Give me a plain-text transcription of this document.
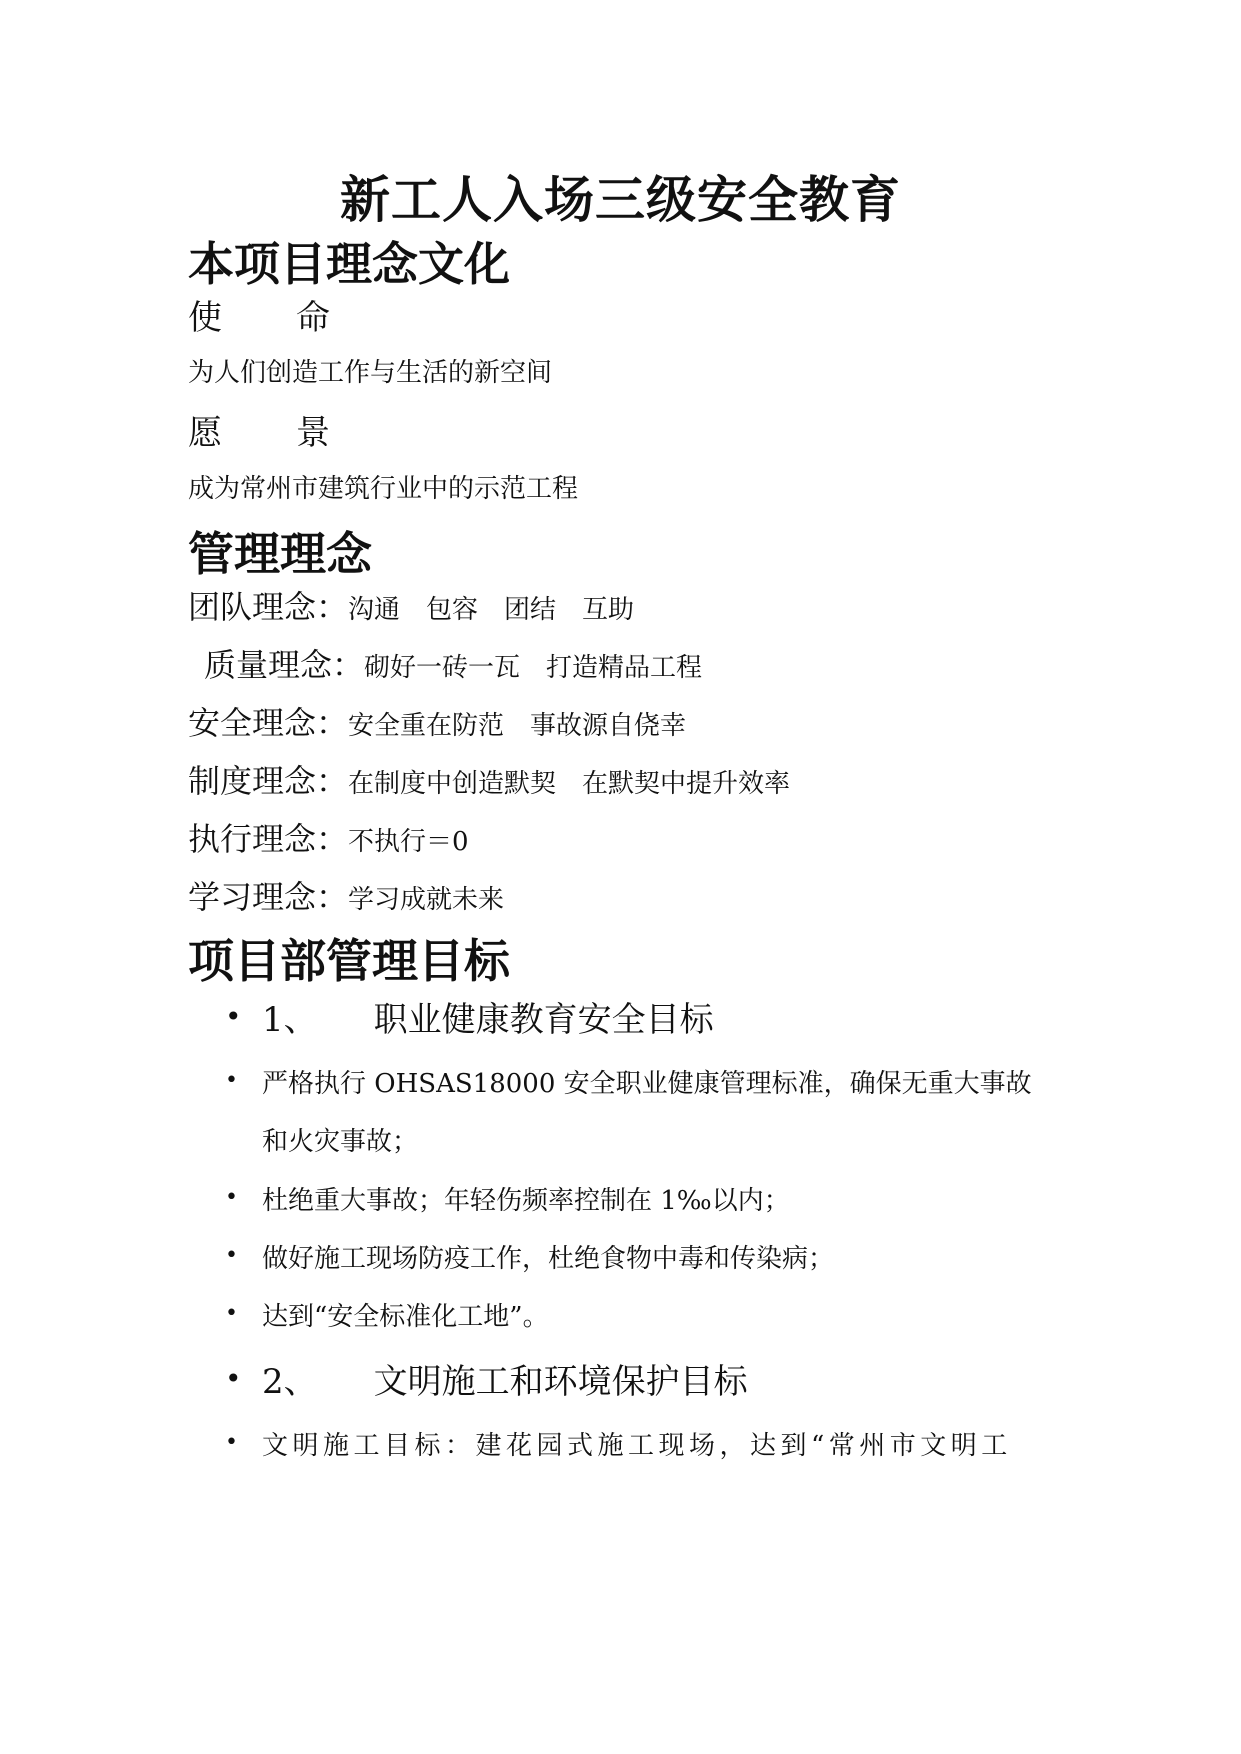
新工人入场三级安全教育
本项目理念文化
使 命
为人们创造工作与生活的新空间
愿 景
成为常州市建筑行业中的示范工程
管理理念
团队理念：沟通　包容　团结　互助
质量理念：砌好一砖一瓦　打造精品工程
安全理念：安全重在防范　事故源自侥幸
制度理念：在制度中创造默契　在默契中提升效率
执行理念：不执行＝0
学习理念：学习成就未来
项目部管理目标
• 1、 职业健康教育安全目标
• 严格执行 OHSAS18000 安全职业健康管理标准，确保无重大事故
和火灾事故；
• 杜绝重大事故；年轻伤频率控制在 1‰以内；
• 做好施工现场防疫工作，杜绝食物中毒和传染病；
• 达到“安全标准化工地”。
• 2、 文明施工和环境保护目标
• 文明施工目标：建花园式施工现场，达到“常州市文明工
